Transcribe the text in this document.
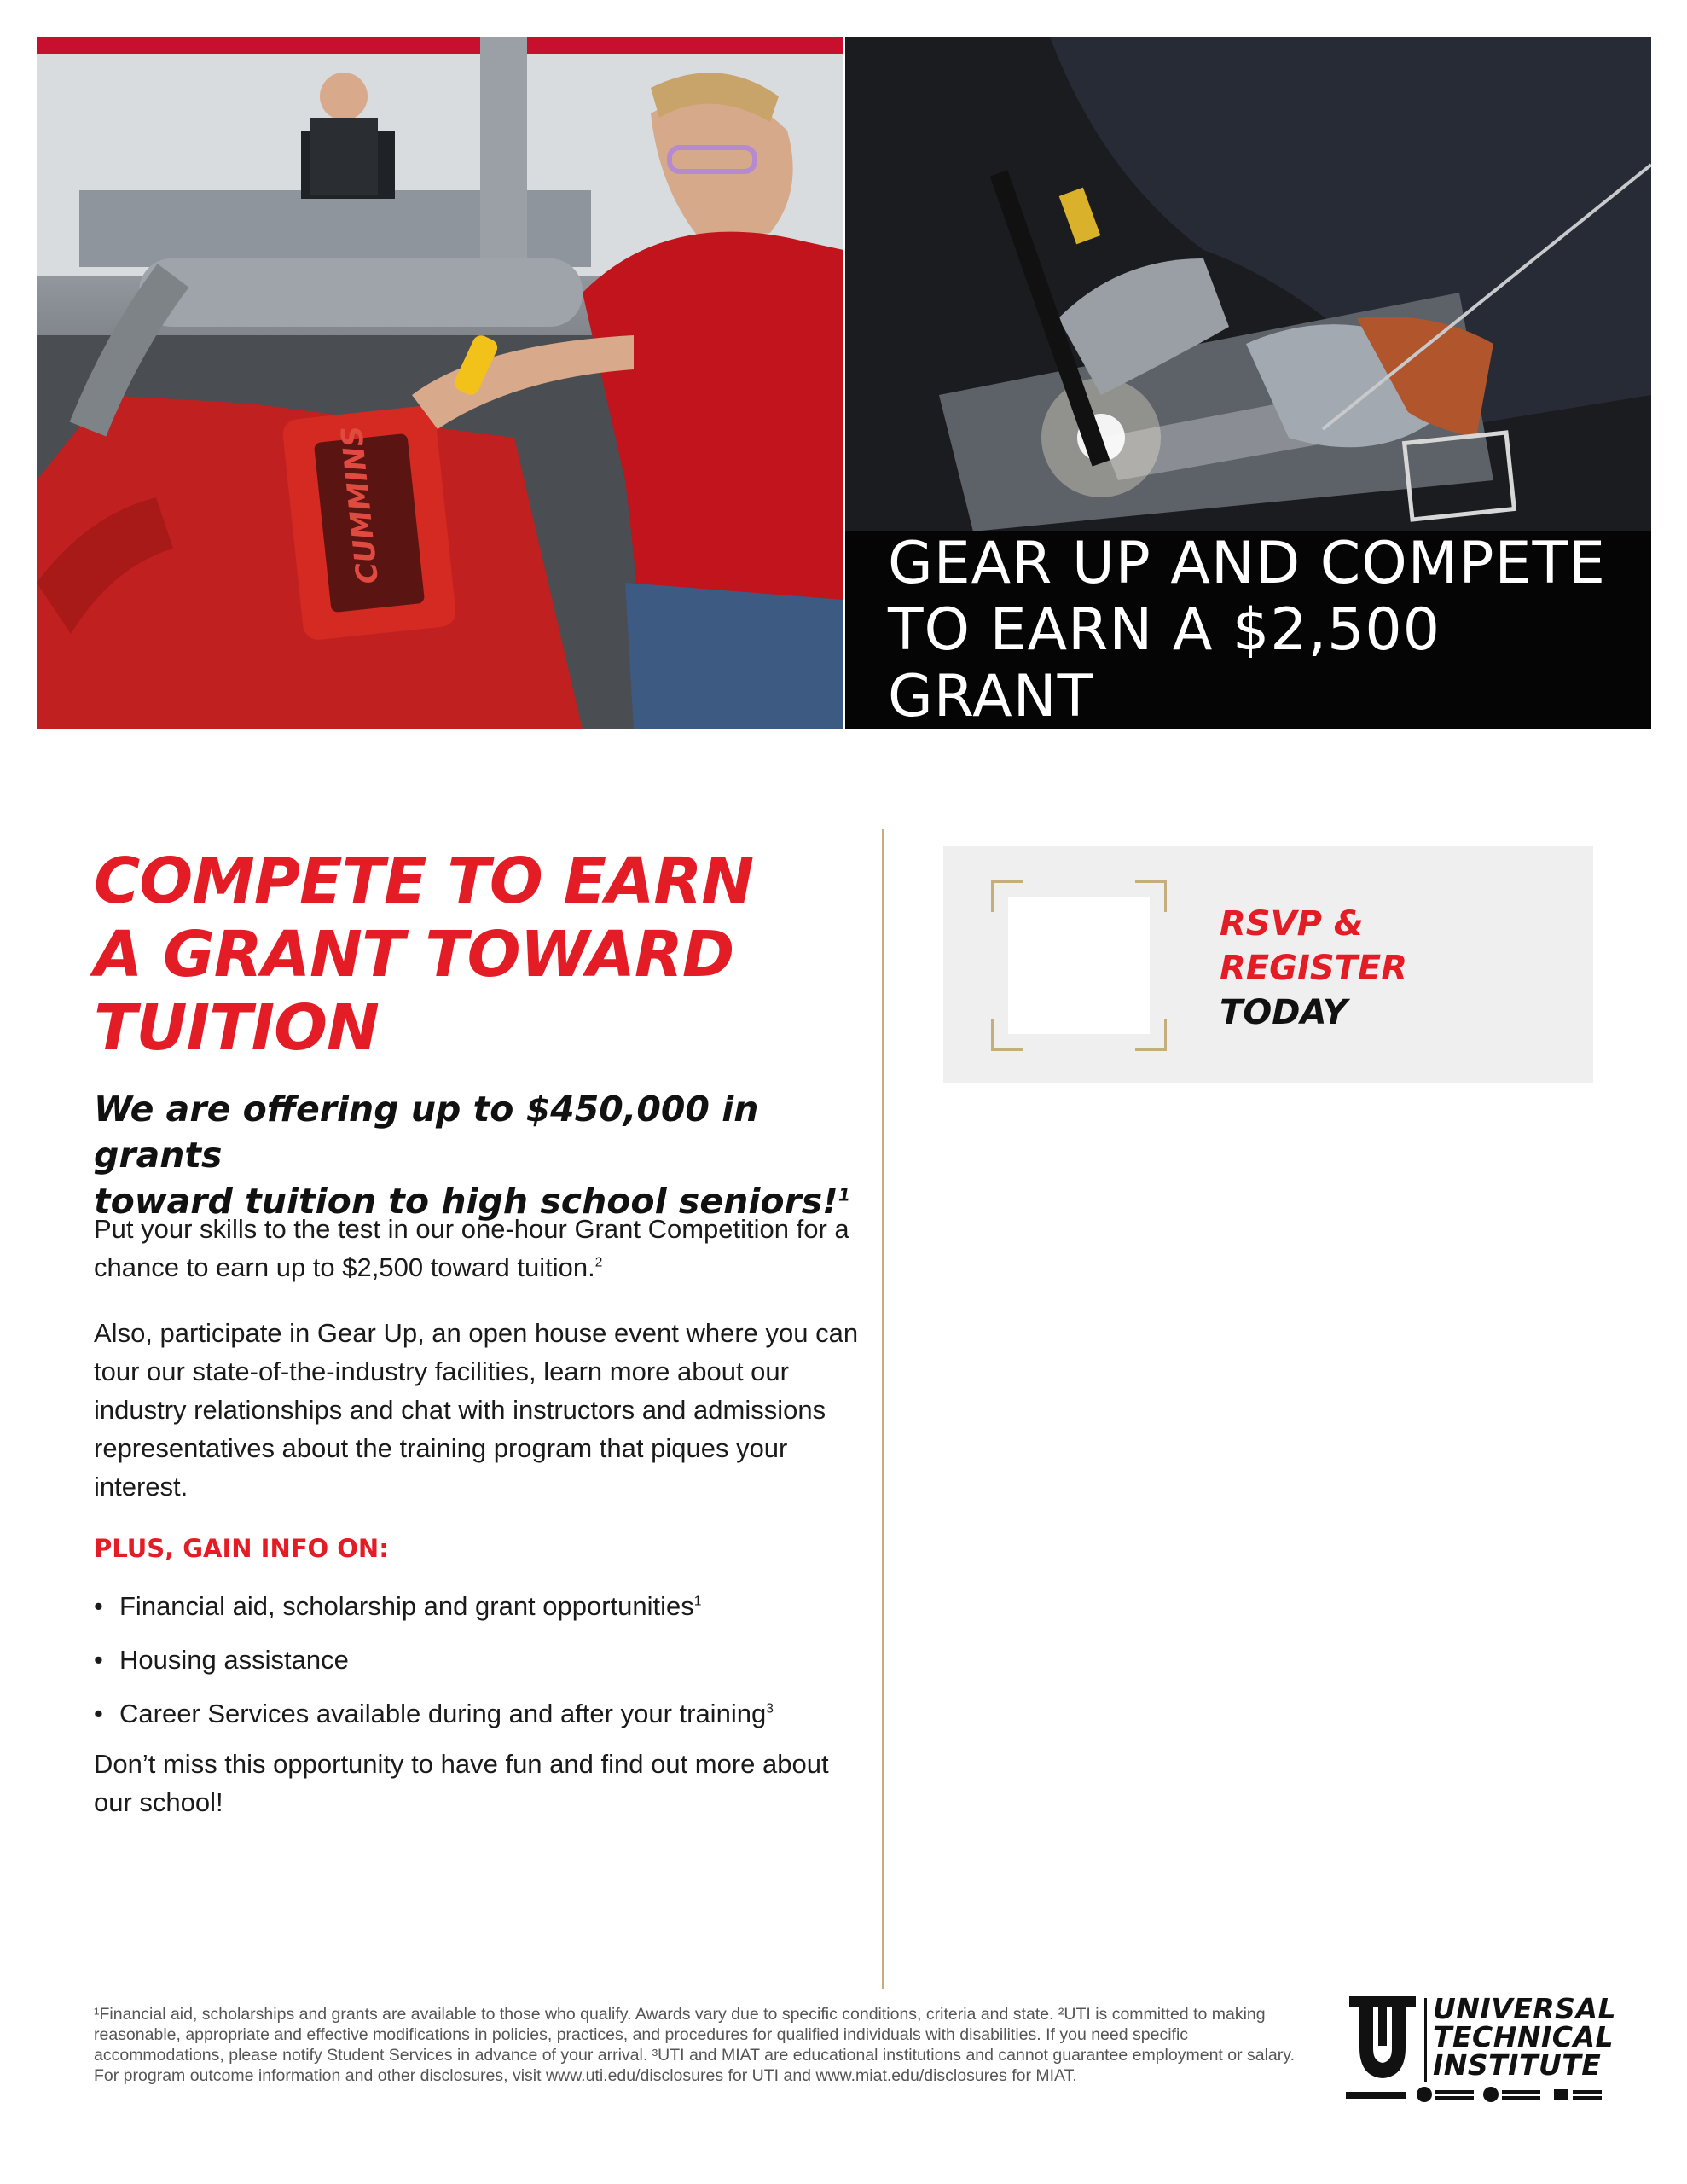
CUMMINS	GEAR UP AND COMPETE
TO EARN A $2,500 GRANT
COMPETE TO EARN
A GRANT TOWARD
TUITION
We are offering up to $450,000 in grants
toward tuition to high school seniors!$^1$

Put your skills to the test in our one-hour Grant Competition for a chance to earn up to $2,500 toward tuition.$^2$

Also, participate in Gear Up, an open house event where you can tour our state-of-the-industry facilities, learn more about our industry relationships and chat with instructors and admissions representatives about the training program that piques your interest.

PLUS, GAIN INFO ON:
• Financial aid, scholarship and grant opportunities$^1$
• Housing assistance
• Career Services available during and after your training$^3$

Don’t miss this opportunity to have fun and find out more about our school!

RSVP &
REGISTER
TODAY

¹Financial aid, scholarships and grants are available to those who qualify. Awards vary due to specific conditions, criteria and state. ²UTI is committed to making reasonable, appropriate and effective modifications in policies, practices, and procedures for qualified individuals with disabilities. If you need specific accommodations, please notify Student Services in advance of your arrival. ³UTI and MIAT are educational institutions and cannot guarantee employment or salary. For program outcome information and other disclosures, visit www.uti.edu/disclosures for UTI and www.miat.edu/disclosures for MIAT.

UNIVERSAL
TECHNICAL
INSTITUTE
